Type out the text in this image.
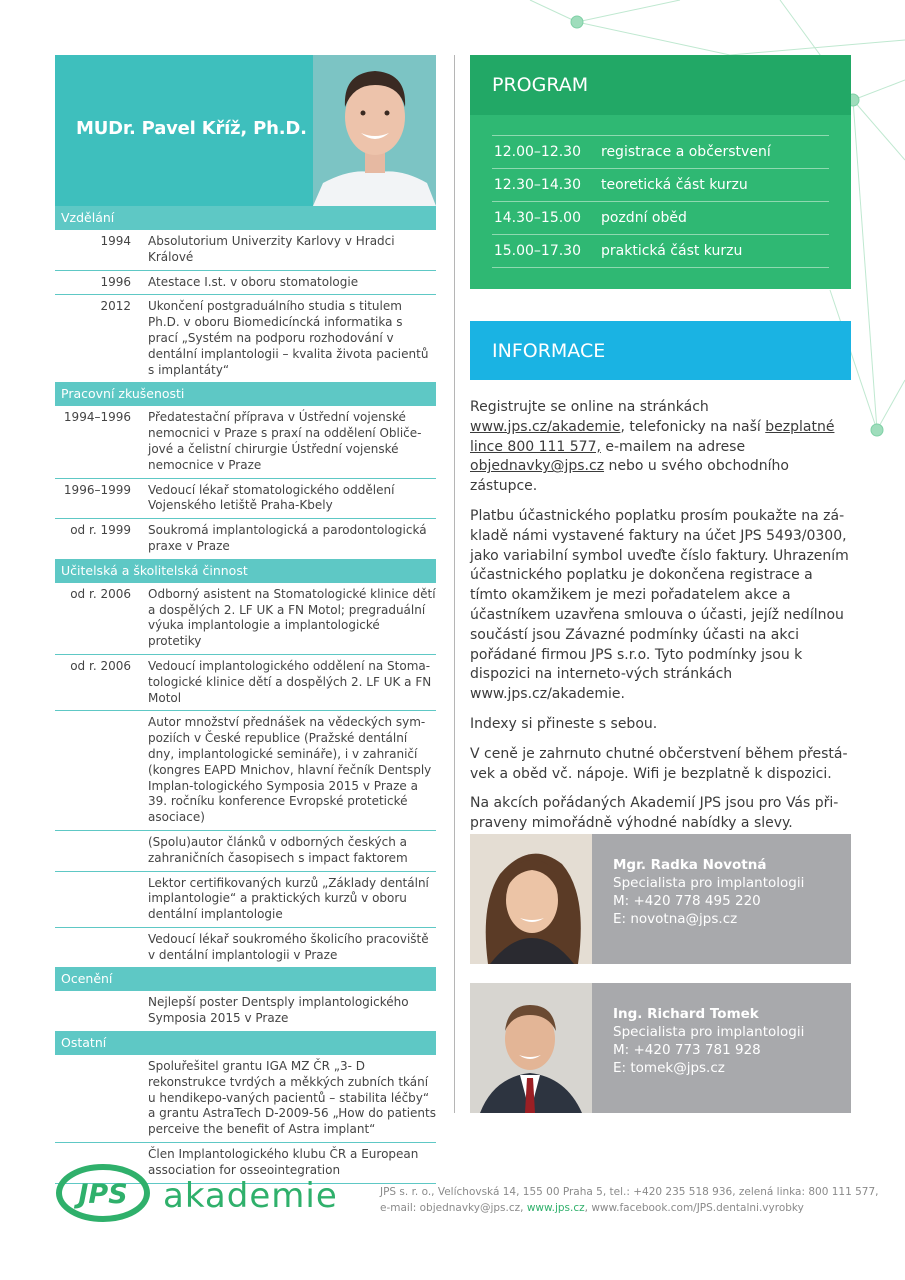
MUDr. Pavel Kříž, Ph.D.
Vzdělání
1994 Absolutorium Univerzity Karlovy v Hradci Králové
1996 Atestace I.st. v oboru stomatologie
2012 Ukončení postgraduálního studia s titulem Ph.D. v oboru Biomedicíncká informatika s prací „Systém na podporu rozhodování v dentální implantologii – kvalita života pacientů s implantáty“
Pracovní zkušenosti
1994–1996 Předatestační příprava v Ústřední vojenské nemocnici v Praze s praxí na oddělení Obliče-jové a čelistní chirurgie Ústřední vojenské nemocnice v Praze
1996–1999 Vedoucí lékař stomatologického oddělení Vojenského letiště Praha-Kbely
od r. 1999 Soukromá implantologická a parodontologická praxe v Praze
Učitelská a školitelská činnost
od r. 2006 Odborný asistent na Stomatologické klinice dětí a dospělých 2. LF UK a FN Motol; pregraduální výuka implantologie a implantologické protetiky
od r. 2006 Vedoucí implantologického oddělení na Stoma-tologické klinice dětí a dospělých 2. LF UK a FN Motol
Autor množství přednášek na vědeckých sym-poziích v České republice (Pražské dentální dny, implantologické semináře), i v zahraničí (kongres EAPD Mnichov, hlavní řečník Dentsply Implan-tologického Symposia 2015 v Praze a 39. ročníku konference Evropské protetické asociace)
(Spolu)autor článků v odborných českých a zahraničních časopisech s impact faktorem
Lektor certifikovaných kurzů „Základy dentální implantologie“ a praktických kurzů v oboru dentální implantologie
Vedoucí lékař soukromého školicího pracoviště v dentální implantologii v Praze
Ocenění
Nejlepší poster Dentsply implantologického Symposia 2015 v Praze
Ostatní
Spoluřešitel grantu IGA MZ ČR „3- D rekonstrukce tvrdých a měkkých zubních tkání u hendikepo-vaných pacientů – stabilita léčby“ a grantu AstraTech D-2009-56 „How do patients perceive the benefit of Astra implant“
Člen Implantologického klubu ČR a European association for osseointegration
PROGRAM
12.00–12.30 registrace a občerstvení
12.30–14.30 teoretická část kurzu
14.30–15.00 pozdní oběd
15.00–17.30 praktická část kurzu
INFORMACE

Registrujte se online na stránkách www.jps.cz/akademie, telefonicky na naší bezplatné lince 800 111 577, e-mailem na adrese objednavky@jps.cz nebo u svého obchodního zástupce.

Platbu účastnického poplatku prosím poukažte na zá-kladě námi vystavené faktury na účet JPS 5493/0300, jako variabilní symbol uveďte číslo faktury. Uhrazením účastnického poplatku je dokončena registrace a tímto okamžikem je mezi pořadatelem akce a účastníkem uzavřena smlouva o účasti, jejíž nedílnou součástí jsou Závazné podmínky účasti na akci pořádané firmou JPS s.r.o. Tyto podmínky jsou k dispozici na interneto-vých stránkách www.jps.cz/akademie.

Indexy si přineste s sebou.

V ceně je zahrnuto chutné občerstvení během přestá-vek a oběd vč. nápoje. Wifi je bezplatně k dispozici.

Na akcích pořádaných Akademií JPS jsou pro Vás při-praveny mimořádně výhodné nabídky a slevy.

Mgr. Radka Novotná
Specialista pro implantologii
M: +420 778 495 220
E: novotna@jps.cz
Ing. Richard Tomek
Specialista pro implantologii
M: +420 773 781 928
E: tomek@jps.cz
JPS akademie	JPS s. r. o., Velíchovská 14, 155 00 Praha 5, tel.: +420 235 518 936, zelená linka: 800 111 577,
e-mail: objednavky@jps.cz, www.jps.cz, www.facebook.com/JPS.dentalni.vyrobky
